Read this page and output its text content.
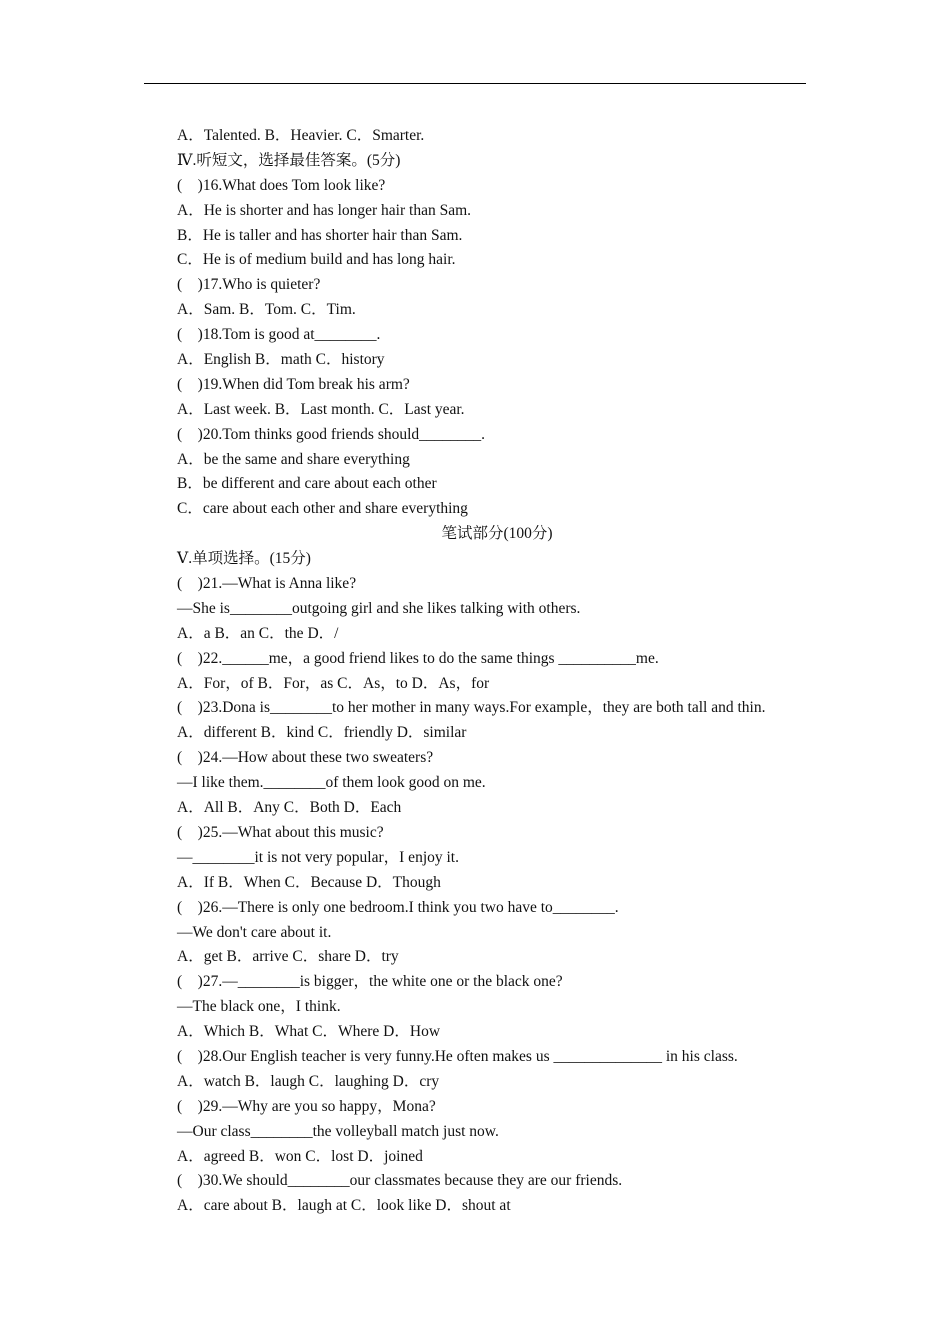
A．Talented. B．Heavier. C．Smarter.
Ⅳ.听短文，选择最佳答案。(5分)
(　)16.What does Tom look like?
A．He is shorter and has longer hair than Sam.
B．He is taller and has shorter hair than Sam.
C．He is of medium build and has long hair.
(　)17.Who is quieter?
A．Sam. B．Tom. C．Tim.
(　)18.Tom is good at________.
A．English B．math C．history
(　)19.When did Tom break his arm?
A．Last week. B．Last month. C．Last year.
(　)20.Tom thinks good friends should________.
A．be the same and share everything
B．be different and care about each other
C．care about each other and share everything
笔试部分(100分)
Ⅴ.单项选择。(15分)
(　)21.—What is Anna like?
—She is________outgoing girl and she likes talking with others.
A．a B．an C．the D．/
(　)22.______me，a good friend likes to do the same things __________me.
A．For，of B．For，as C．As，to D．As，for
(　)23.Dona is________to her mother in many ways.For example，they are both tall and thin.
A．different B．kind C．friendly D．similar
(　)24.—How about these two sweaters?
—I like them.________of them look good on me.
A．All B．Any C．Both D．Each
(　)25.—What about this music?
—________it is not very popular，I enjoy it.
A．If B．When C．Because D．Though
(　)26.—There is only one bedroom.I think you two have to________.
—We don't care about it.
A．get B．arrive C．share D．try
(　)27.—________is bigger，the white one or the black one?
—The black one，I think.
A．Which B．What C．Where D．How
(　)28.Our English teacher is very funny.He often makes us ______________ in his class.
A．watch B．laugh C．laughing D．cry
(　)29.—Why are you so happy，Mona?
—Our class________the volleyball match just now.
A．agreed B．won C．lost D．joined
(　)30.We should________our classmates because they are our friends.
A．care about B．laugh at C．look like D．shout at
